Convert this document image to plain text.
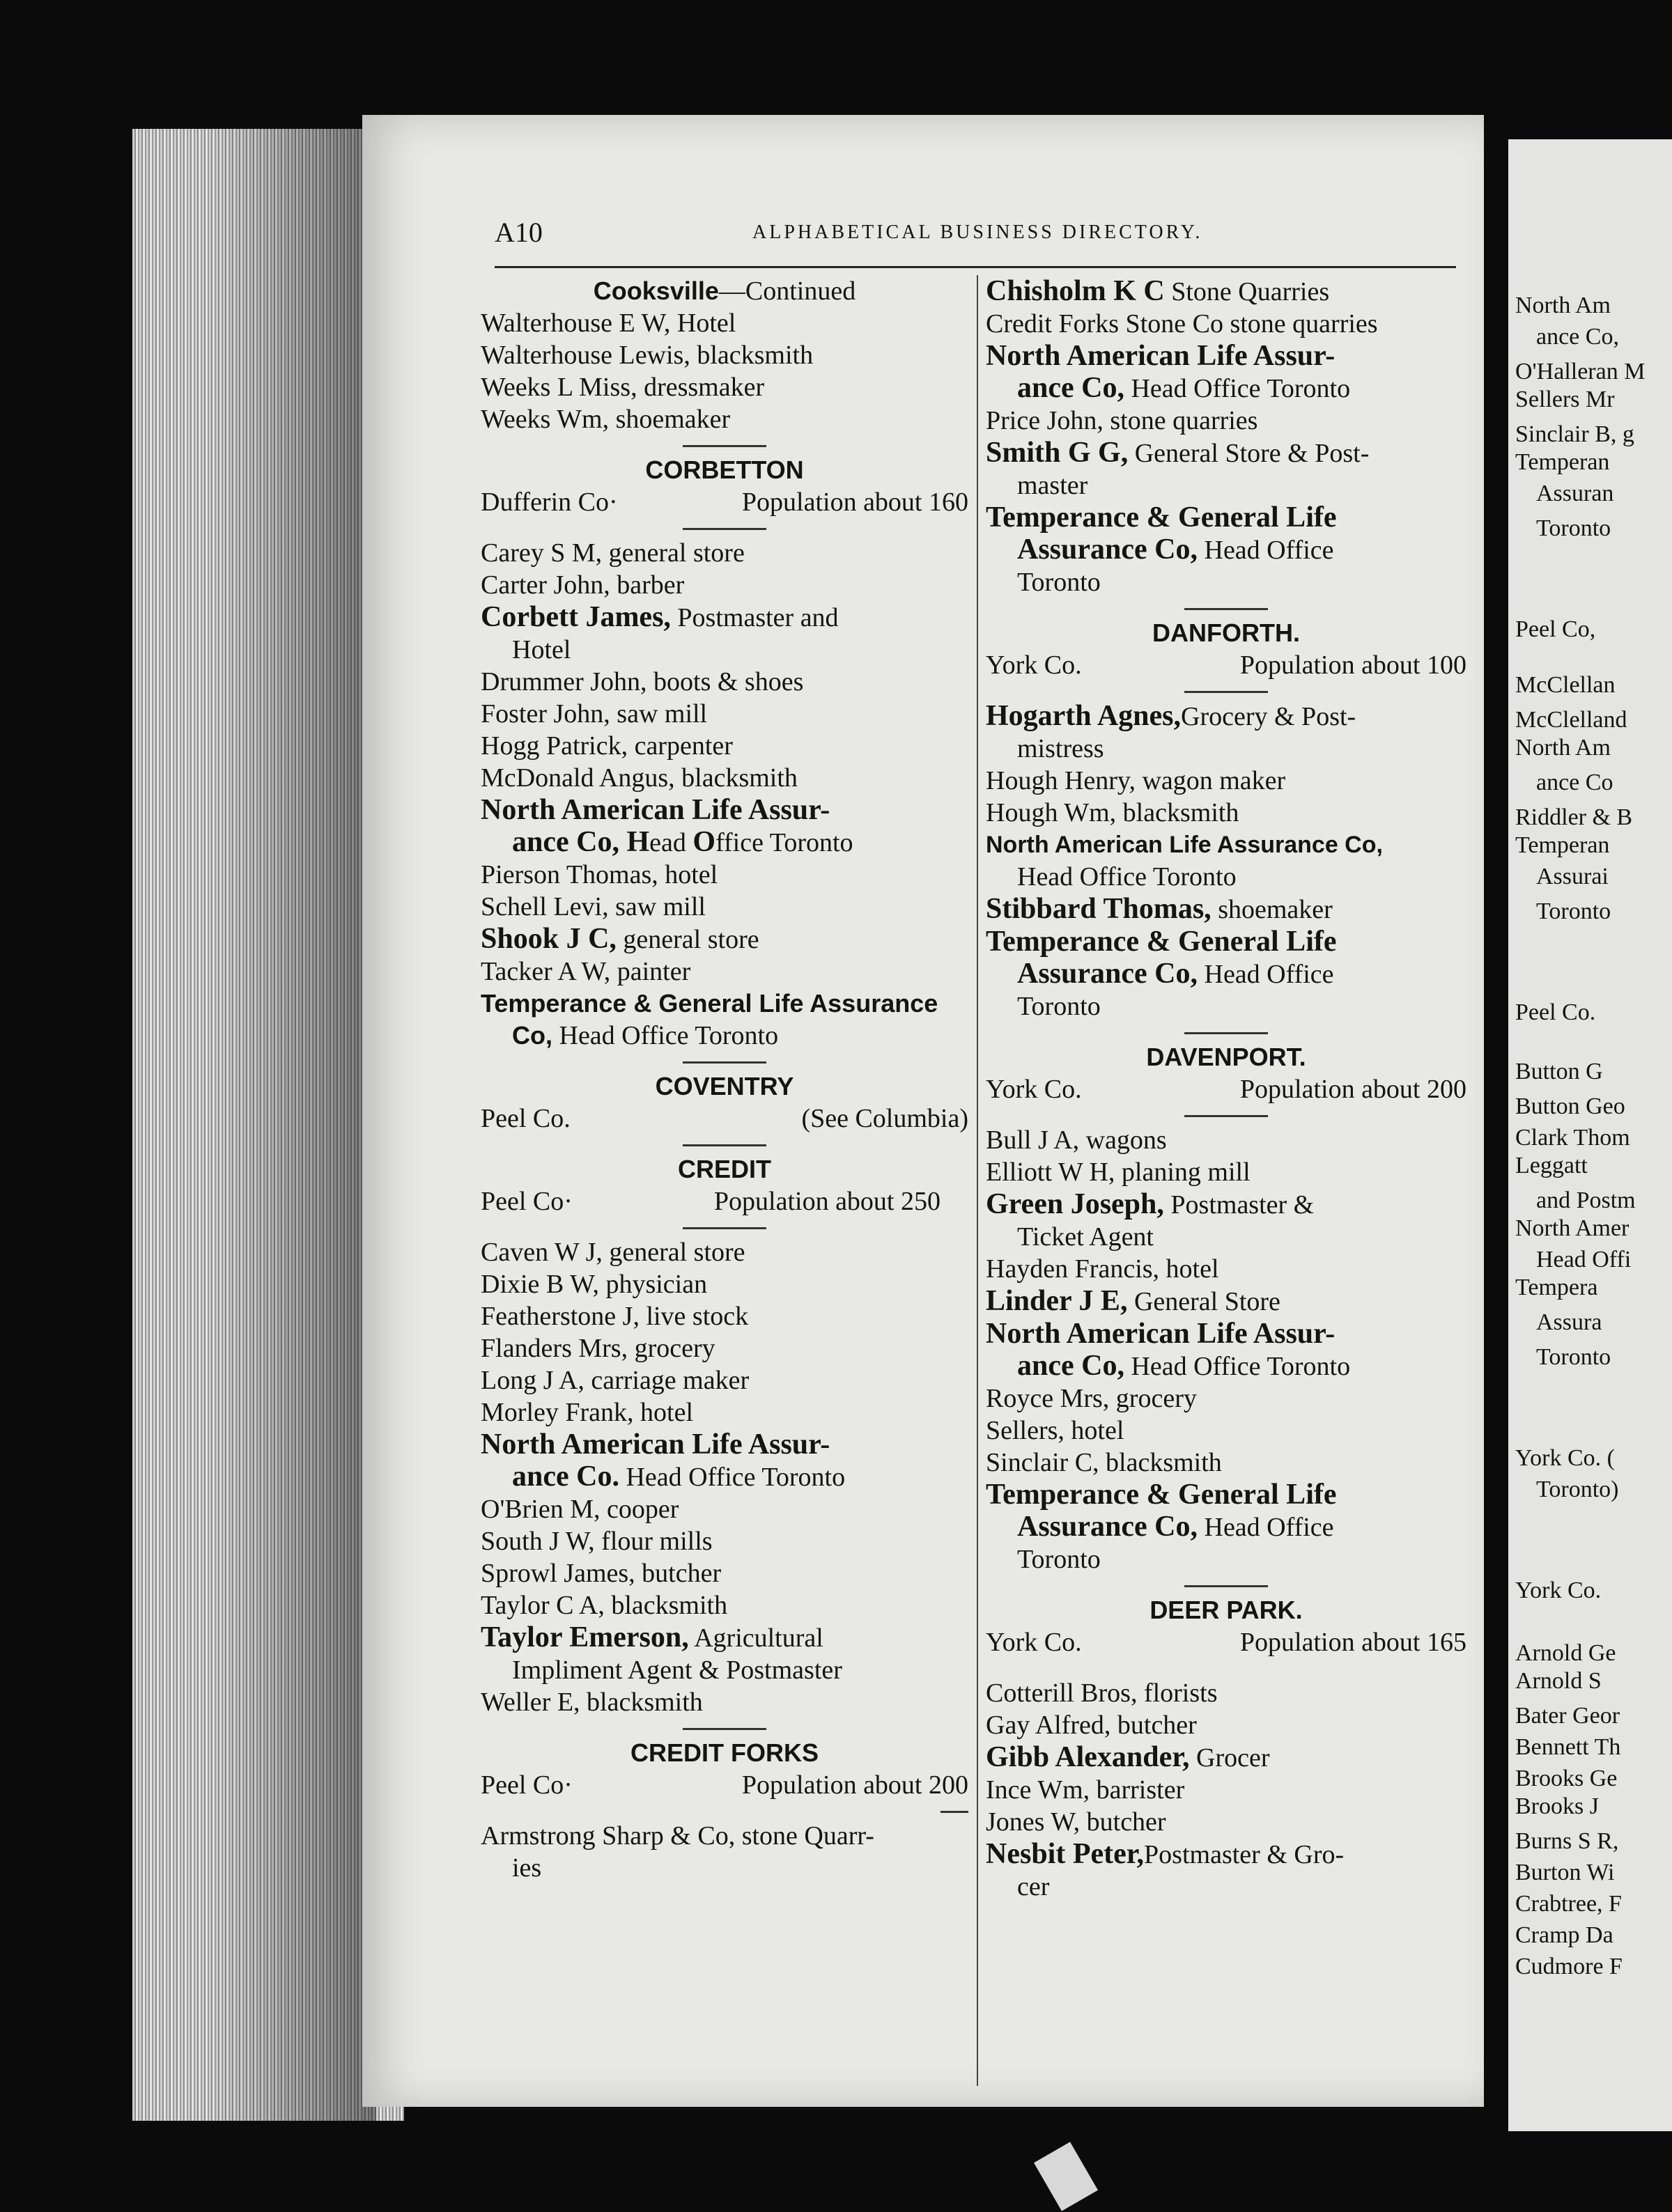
North Am
ance Co,
O'Halleran M
Sellers Mr
Sinclair B, g
Temperan
Assuran
Toronto
Peel Co,
McClellan
McClelland
North Am
ance Co
Riddler & B
Temperan
Assurai
Toronto
Peel Co.
Button G
Button Geo
Clark Thom
Leggatt
and Postm
North Amer
Head Offi
Tempera
Assura
Toronto
York Co. (
Toronto)
York Co.
Arnold Ge
Arnold S
Bater Geor
Bennett Th
Brooks Ge
Brooks J
Burns S R,
Burton Wi
Crabtree, F
Cramp Da
Cudmore F
A10	ALPHABETICAL BUSINESS DIRECTORY.
Cooksville—Continued
Walterhouse E W, Hotel
Walterhouse Lewis, blacksmith
Weeks L Miss, dressmaker
Weeks Wm, shoemaker
CORBETTON
Dufferin Co·	Population about 160
Carey S M, general store
Carter John, barber
Corbett James, Postmaster and
Hotel
Drummer John, boots & shoes
Foster John, saw mill
Hogg Patrick, carpenter
McDonald Angus, blacksmith
North American Life Assur-
ance Co, Head Office Toronto
Pierson Thomas, hotel
Schell Levi, saw mill
Shook J C, general store
Tacker A W, painter
Temperance & General Life Assurance
Co, Head Office Toronto
COVENTRY
Peel Co.	(See Columbia)
CREDIT
Peel Co·	Population about 250
Caven W J, general store
Dixie B W, physician
Featherstone J, live stock
Flanders Mrs, grocery
Long J A, carriage maker
Morley Frank, hotel
North American Life Assur-
ance Co. Head Office Toronto
O'Brien M, cooper
South J W, flour mills
Sprowl James, butcher
Taylor C A, blacksmith
Taylor Emerson, Agricultural
Impliment Agent & Postmaster
Weller E, blacksmith
CREDIT FORKS
Peel Co·	Population about 200
Armstrong Sharp & Co, stone Quarr-
ies
Chisholm K C Stone Quarries
Credit Forks Stone Co stone quarries
North American Life Assur-
ance Co, Head Office Toronto
Price John, stone quarries
Smith G G, General Store & Post-
master
Temperance & General Life
Assurance Co, Head Office
Toronto
DANFORTH.
York Co.	Population about 100
Hogarth Agnes,Grocery & Post-
mistress
Hough Henry, wagon maker
Hough Wm, blacksmith
North American Life Assurance Co,
Head Office Toronto
Stibbard Thomas, shoemaker
Temperance & General Life
Assurance Co, Head Office
Toronto
DAVENPORT.
York Co.	Population about 200
Bull J A, wagons
Elliott W H, planing mill
Green Joseph, Postmaster &
Ticket Agent
Hayden Francis, hotel
Linder J E, General Store
North American Life Assur-
ance Co, Head Office Toronto
Royce Mrs, grocery
Sellers, hotel
Sinclair C, blacksmith
Temperance & General Life
Assurance Co, Head Office
Toronto
DEER PARK.
York Co.	Population about 165
Cotterill Bros, florists
Gay Alfred, butcher
Gibb Alexander, Grocer
Ince Wm, barrister
Jones W, butcher
Nesbit Peter,Postmaster & Gro-
cer
